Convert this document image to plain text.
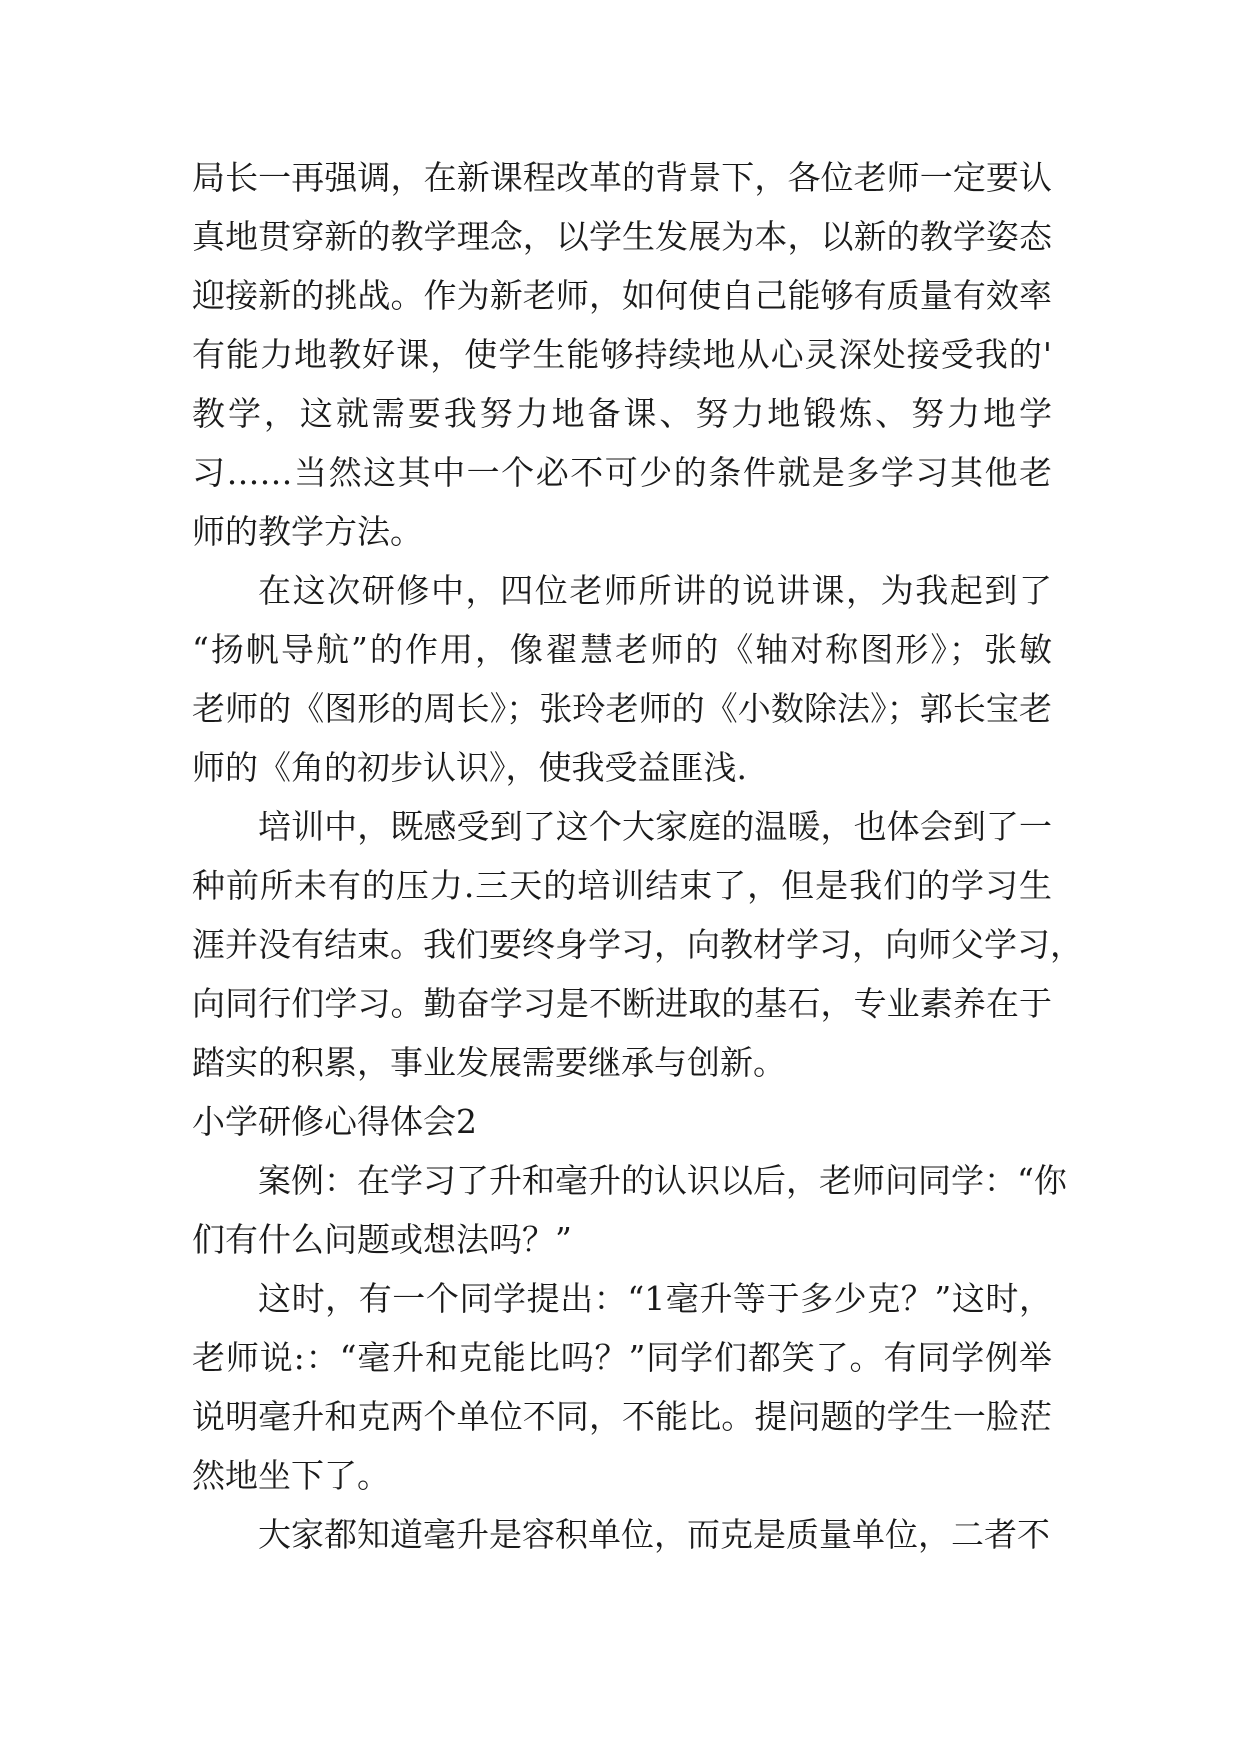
局长一再强调，在新课程改革的背景下，各位老师一定要认
真地贯穿新的教学理念，以学生发展为本，以新的教学姿态
迎接新的挑战。作为新老师，如何使自己能够有质量有效率
有能力地教好课，使学生能够持续地从心灵深处接受我的'
教学，这就需要我努力地备课、努力地锻炼、努力地学
习……当然这其中一个必不可少的条件就是多学习其他老
师的教学方法。
在这次研修中，四位老师所讲的说讲课，为我起到了
“扬帆导航”的作用，像翟慧老师的《轴对称图形》；张敏
老师的《图形的周长》；张玲老师的《小数除法》；郭长宝老
师的《角的初步认识》，使我受益匪浅.
培训中，既感受到了这个大家庭的温暖，也体会到了一
种前所未有的压力.三天的培训结束了，但是我们的学习生
涯并没有结束。我们要终身学习，向教材学习，向师父学习，
向同行们学习。勤奋学习是不断进取的基石，专业素养在于
踏实的积累，事业发展需要继承与创新。
小学研修心得体会2
案例：在学习了升和毫升的认识以后，老师问同学：“你
们有什么问题或想法吗？”
这时，有一个同学提出：“1毫升等于多少克？”这时，
老师说:：“毫升和克能比吗？”同学们都笑了。有同学例举
说明毫升和克两个单位不同，不能比。提问题的学生一脸茫
然地坐下了。
大家都知道毫升是容积单位，而克是质量单位，二者不
